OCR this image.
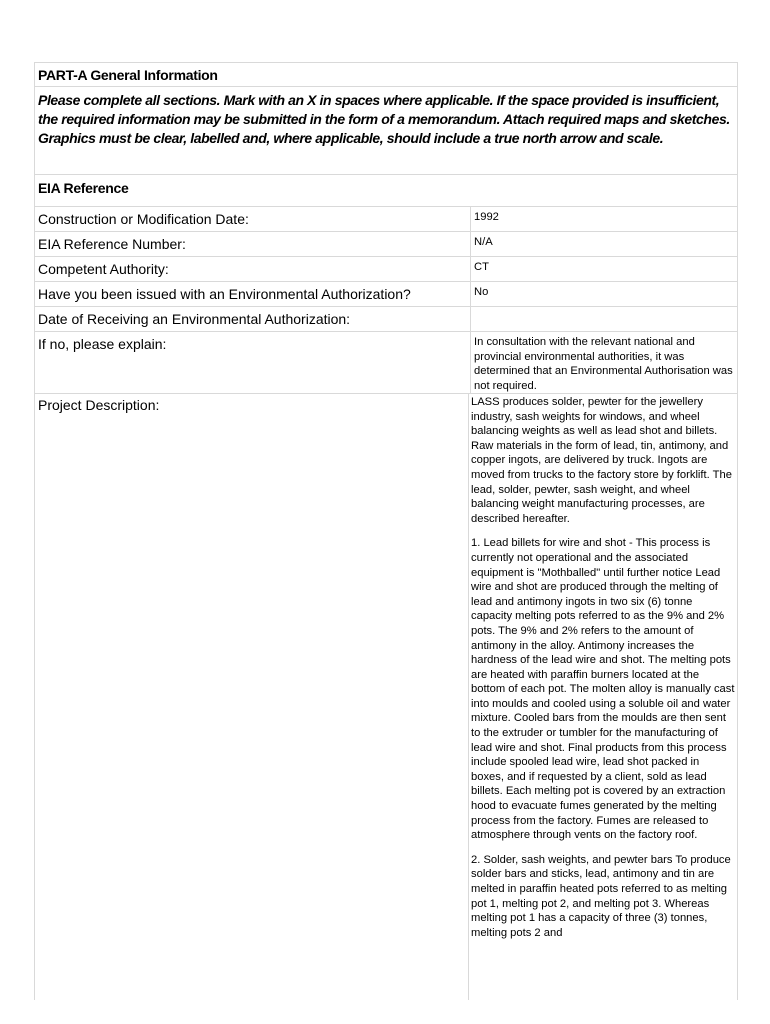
PART-A General Information
Please complete all sections. Mark with an X in spaces where applicable. If the space provided is insufficient, the required information may be submitted in the form of a memorandum. Attach required maps and sketches. Graphics must be clear, labelled and, where applicable, should include a true north arrow and scale.
EIA Reference
Construction or Modification Date:	1992
EIA Reference Number:	N/A
Competent Authority:	CT
Have you been issued with an Environmental Authorization?	No
Date of Receiving an Environmental Authorization:
If no, please explain:	In consultation with the relevant national and provincial environmental authorities, it was determined that an Environmental Authorisation was not required.
Project Description:	LASS produces solder, pewter for the jewellery industry, sash weights for windows, and wheel balancing weights as well as lead shot and billets. Raw materials in the form of lead, tin, antimony, and copper ingots, are delivered by truck. Ingots are moved from trucks to the factory store by forklift. The lead, solder, pewter, sash weight, and wheel balancing weight manufacturing processes, are described hereafter.

1. Lead billets for wire and shot - This process is currently not operational and the associated equipment is "Mothballed" until further notice Lead wire and shot are produced through the melting of lead and antimony ingots in two six (6) tonne capacity melting pots referred to as the 9% and 2% pots. The 9% and 2% refers to the amount of antimony in the alloy. Antimony increases the hardness of the lead wire and shot. The melting pots are heated with paraffin burners located at the bottom of each pot. The molten alloy is manually cast into moulds and cooled using a soluble oil and water mixture. Cooled bars from the moulds are then sent to the extruder or tumbler for the manufacturing of lead wire and shot. Final products from this process include spooled lead wire, lead shot packed in boxes, and if requested by a client, sold as lead billets. Each melting pot is covered by an extraction hood to evacuate fumes generated by the melting process from the factory. Fumes are released to atmosphere through vents on the factory roof.

2. Solder, sash weights, and pewter bars To produce solder bars and sticks, lead, antimony and tin are melted in paraffin heated pots referred to as melting pot 1, melting pot 2, and melting pot 3. Whereas melting pot 1 has a capacity of three (3) tonnes, melting pots 2 and
